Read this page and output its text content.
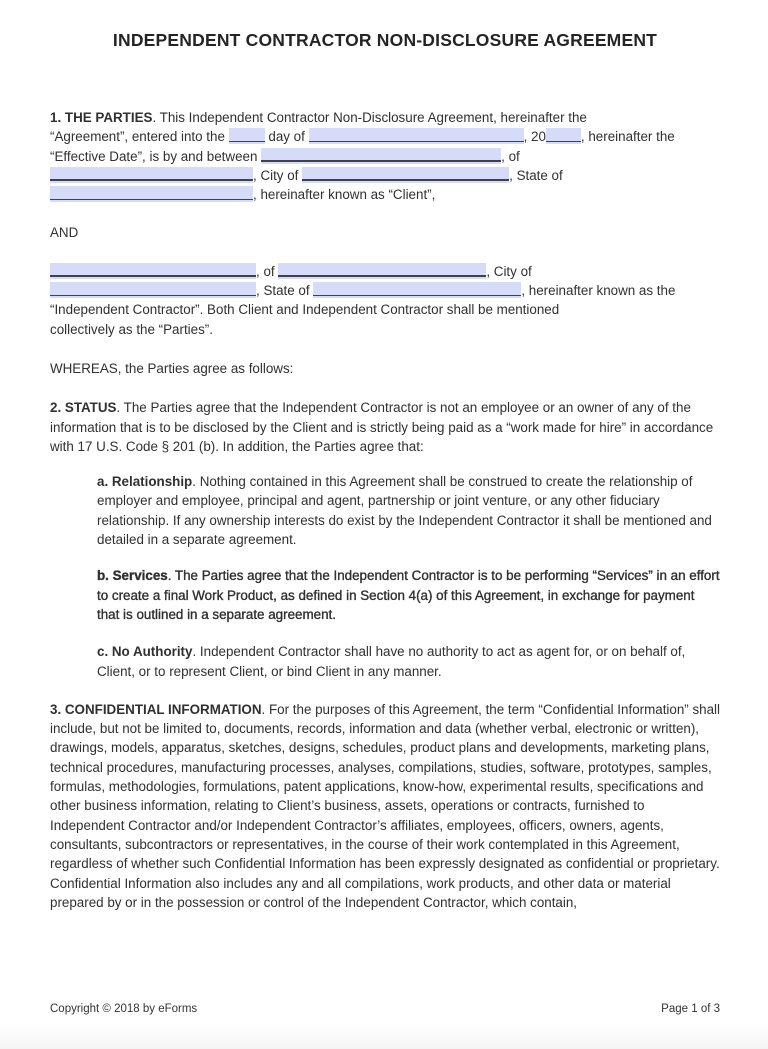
INDEPENDENT CONTRACTOR NON-DISCLOSURE AGREEMENT
1. THE PARTIES. This Independent Contractor Non-Disclosure Agreement, hereinafter the
“Agreement”, entered into the	day of	, 20	, hereinafter the
“Effective Date”, is by and between	, of
, City of	, State of
, hereinafter known as “Client”,
AND
, of	, City of
, State of	, hereinafter known as the
“Independent Contractor”. Both Client and Independent Contractor shall be mentioned
collectively as the “Parties”.

WHEREAS, the Parties agree as follows:

2. STATUS. The Parties agree that the Independent Contractor is not an employee or an owner of any of the information that is to be disclosed by the Client and is strictly being paid as a “work made for hire” in accordance with 17 U.S. Code § 201 (b). In addition, the Parties agree that:

a. Relationship. Nothing contained in this Agreement shall be construed to create the relationship of employer and employee, principal and agent, partnership or joint venture, or any other fiduciary relationship. If any ownership interests do exist by the Independent Contractor it shall be mentioned and detailed in a separate agreement.

b. Services. The Parties agree that the Independent Contractor is to be performing “Services” in an effort to create a final Work Product, as defined in Section 4(a) of this Agreement, in exchange for payment that is outlined in a separate agreement.

c. No Authority. Independent Contractor shall have no authority to act as agent for, or on behalf of, Client, or to represent Client, or bind Client in any manner.

3. CONFIDENTIAL INFORMATION. For the purposes of this Agreement, the term “Confidential Information” shall include, but not be limited to, documents, records, information and data (whether verbal, electronic or written), drawings, models, apparatus, sketches, designs, schedules, product plans and developments, marketing plans, technical procedures, manufacturing processes, analyses, compilations, studies, software, prototypes, samples, formulas, methodologies, formulations, patent applications, know-how, experimental results, specifications and other business information, relating to Client’s business, assets, operations or contracts, furnished to Independent Contractor and/or Independent Contractor’s affiliates, employees, officers, owners, agents, consultants, subcontractors or representatives, in the course of their work contemplated in this Agreement, regardless of whether such Confidential Information has been expressly designated as confidential or proprietary. Confidential Information also includes any and all compilations, work products, and other data or material prepared by or in the possession or control of the Independent Contractor, which contain,

Copyright © 2018 by eForms	Page 1 of 3
